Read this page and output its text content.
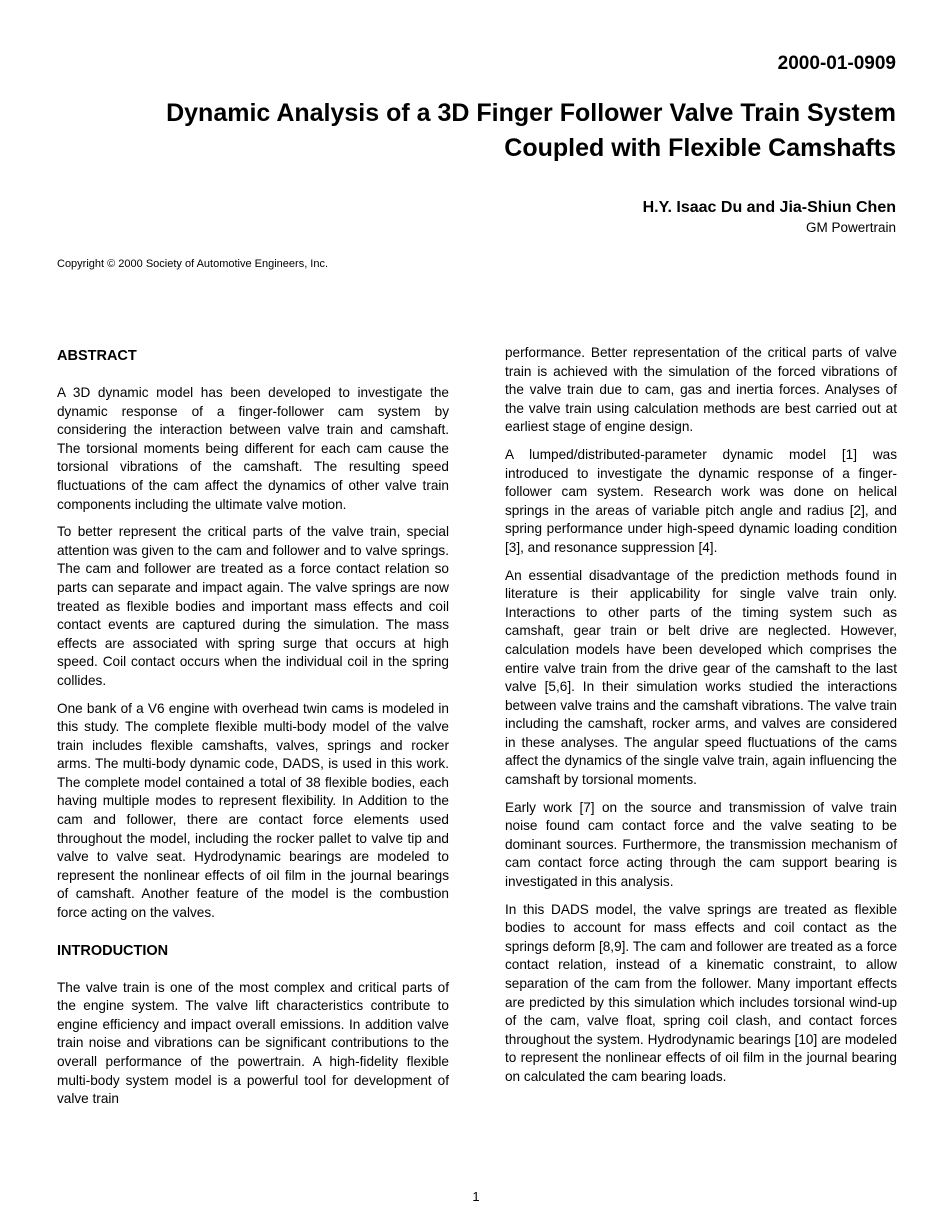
2000-01-0909
Dynamic Analysis of a 3D Finger Follower Valve Train System
Coupled with Flexible Camshafts
H.Y. Isaac Du and Jia-Shiun Chen
GM Powertrain
Copyright © 2000 Society of Automotive Engineers, Inc.
ABSTRACT

A 3D dynamic model has been developed to investigate the dynamic response of a finger-follower cam system by considering the interaction between valve train and camshaft. The torsional moments being different for each cam cause the torsional vibrations of the camshaft. The resulting speed fluctuations of the cam affect the dynamics of other valve train components including the ultimate valve motion.

To better represent the critical parts of the valve train, special attention was given to the cam and follower and to valve springs. The cam and follower are treated as a force contact relation so parts can separate and impact again. The valve springs are now treated as flexible bodies and important mass effects and coil contact events are captured during the simulation. The mass effects are associated with spring surge that occurs at high speed. Coil contact occurs when the individual coil in the spring collides.

One bank of a V6 engine with overhead twin cams is modeled in this study. The complete flexible multi-body model of the valve train includes flexible camshafts, valves, springs and rocker arms. The multi-body dynamic code, DADS, is used in this work. The complete model contained a total of 38 flexible bodies, each having multiple modes to represent flexibility. In Addition to the cam and follower, there are contact force elements used throughout the model, including the rocker pallet to valve tip and valve to valve seat. Hydrodynamic bearings are modeled to represent the nonlinear effects of oil film in the journal bearings of camshaft. Another feature of the model is the combustion force acting on the valves.

INTRODUCTION

The valve train is one of the most complex and critical parts of the engine system. The valve lift characteristics contribute to engine efficiency and impact overall emissions. In addition valve train noise and vibrations can be significant contributions to the overall performance of the powertrain. A high-fidelity flexible multi-body system model is a powerful tool for development of valve train

performance. Better representation of the critical parts of valve train is achieved with the simulation of the forced vibrations of the valve train due to cam, gas and inertia forces. Analyses of the valve train using calculation methods are best carried out at earliest stage of engine design.

A lumped/distributed-parameter dynamic model [1] was introduced to investigate the dynamic response of a finger-follower cam system. Research work was done on helical springs in the areas of variable pitch angle and radius [2], and spring performance under high-speed dynamic loading condition [3], and resonance suppression [4].

An essential disadvantage of the prediction methods found in literature is their applicability for single valve train only. Interactions to other parts of the timing system such as camshaft, gear train or belt drive are neglected. However, calculation models have been developed which comprises the entire valve train from the drive gear of the camshaft to the last valve [5,6]. In their simulation works studied the interactions between valve trains and the camshaft vibrations. The valve train including the camshaft, rocker arms, and valves are considered in these analyses. The angular speed fluctuations of the cams affect the dynamics of the single valve train, again influencing the camshaft by torsional moments.

Early work [7] on the source and transmission of valve train noise found cam contact force and the valve seating to be dominant sources. Furthermore, the transmission mechanism of cam contact force acting through the cam support bearing is investigated in this analysis.

In this DADS model, the valve springs are treated as flexible bodies to account for mass effects and coil contact as the springs deform [8,9]. The cam and follower are treated as a force contact relation, instead of a kinematic constraint, to allow separation of the cam from the follower. Many important effects are predicted by this simulation which includes torsional wind-up of the cam, valve float, spring coil clash, and contact forces throughout the system. Hydrodynamic bearings [10] are modeled to represent the nonlinear effects of oil film in the journal bearing on calculated the cam bearing loads.

1
